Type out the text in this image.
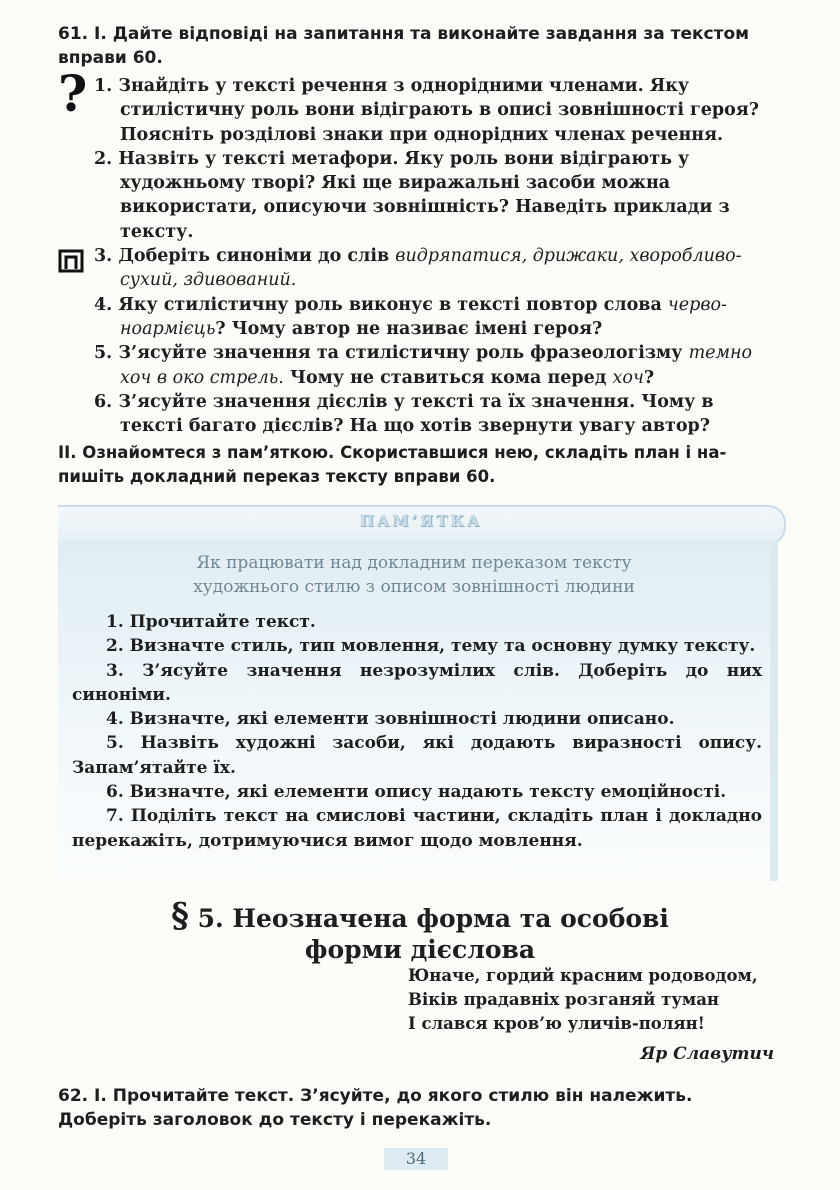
61. І. Дайте відповіді на запитання та виконайте завдання за текстом вправи 60.

? 1. Знайдіть у тексті речення з однорідними членами. Яку стилістичну роль вони відіграють в описі зовнішності героя? Поясніть розділові знаки при однорідних членах речення.
2. Назвіть у тексті метафори. Яку роль вони відіграють у художньому творі? Які ще виражальні засоби можна використати, описуючи зовнішність? Наведіть приклади з тексту.
3. Доберіть синоніми до слів видряпатися, дрижаки, хворобливо-сухий, здивований.
4. Яку стилістичну роль виконує в тексті повтор слова червоноармієць? Чому автор не називає імені героя?
5. З’ясуйте значення та стилістичну роль фразеологізму темно хоч в око стрель. Чому не ставиться кома перед хоч?
6. З’ясуйте значення дієслів у тексті та їх значення. Чому в тексті багато дієслів? На що хотів звернути увагу автор?

ІІ. Ознайомтеся з пам’яткою. Скориставшися нею, складіть план і напишіть докладний переказ тексту вправи 60.

ПАМ’ЯТКА
Як працювати над докладним переказом тексту
художнього стилю з описом зовнішності людини
1. Прочитайте текст.
2. Визначте стиль, тип мовлення, тему та основну думку тексту.
3. З’ясуйте значення незрозумілих слів. Доберіть до них синоніми.
4. Визначте, які елементи зовнішності людини описано.
5. Назвіть художні засоби, які додають виразності опису. Запам’ятайте їх.
6. Визначте, які елементи опису надають тексту емоційності.
7. Поділіть текст на смислові частини, складіть план і докладно перекажіть, дотримуючися вимог щодо мовлення.
§ 5. Неозначена форма та особові
форми дієслова
Юначе, гордий красним родоводом,
Віків прадавніх розганяй туман
І слався кров’ю уличів-полян!
Яр Славутич

62. І. Прочитайте текст. З’ясуйте, до якого стилю він належить. Доберіть заголовок до тексту і перекажіть.

34
